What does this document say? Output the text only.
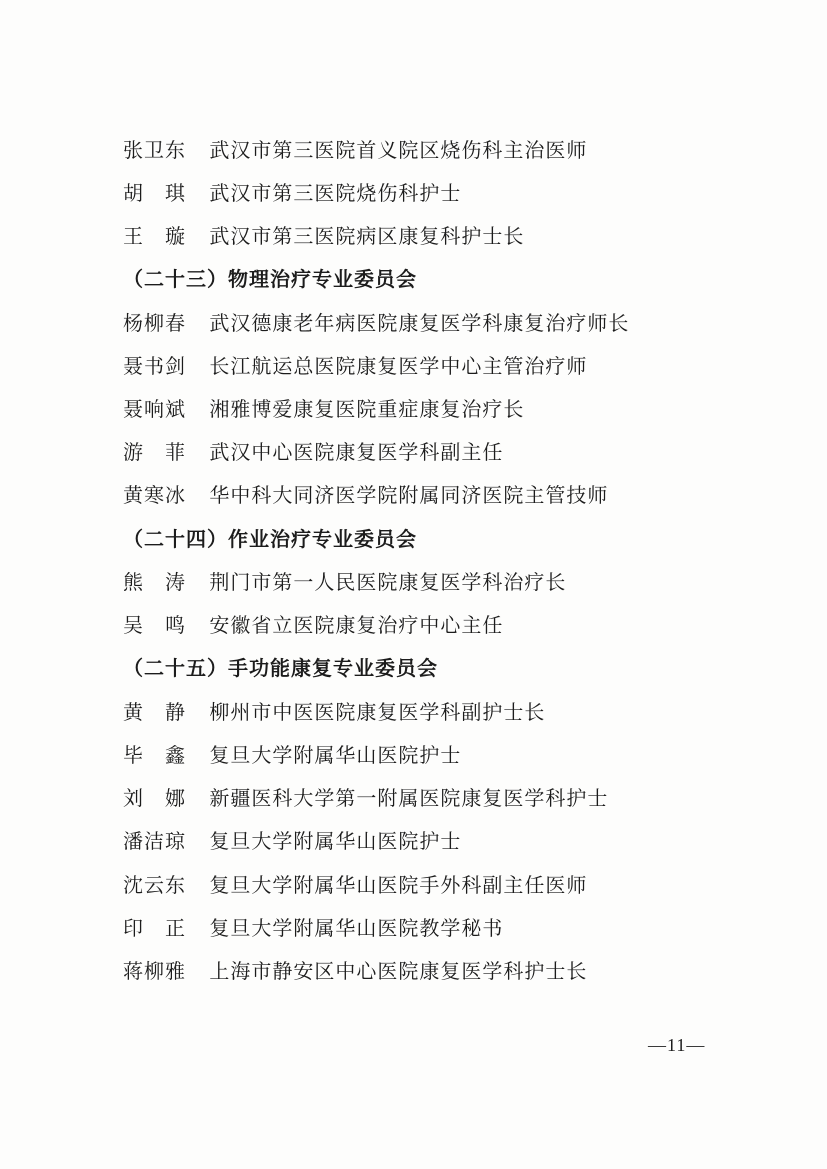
张卫东 武汉市第三医院首义院区烧伤科主治医师
胡　琪 武汉市第三医院烧伤科护士
王　璇 武汉市第三医院病区康复科护士长
（二十三）物理治疗专业委员会
杨柳春 武汉德康老年病医院康复医学科康复治疗师长
聂书剑 长江航运总医院康复医学中心主管治疗师
聂响斌 湘雅博爱康复医院重症康复治疗长
游　菲 武汉中心医院康复医学科副主任
黄寒冰 华中科大同济医学院附属同济医院主管技师
（二十四）作业治疗专业委员会
熊　涛 荆门市第一人民医院康复医学科治疗长
吴　鸣 安徽省立医院康复治疗中心主任
（二十五）手功能康复专业委员会
黄　静 柳州市中医医院康复医学科副护士长
毕　鑫 复旦大学附属华山医院护士
刘　娜 新疆医科大学第一附属医院康复医学科护士
潘洁琼 复旦大学附属华山医院护士
沈云东 复旦大学附属华山医院手外科副主任医师
印　正 复旦大学附属华山医院教学秘书
蒋柳雅 上海市静安区中心医院康复医学科护士长
—11—
